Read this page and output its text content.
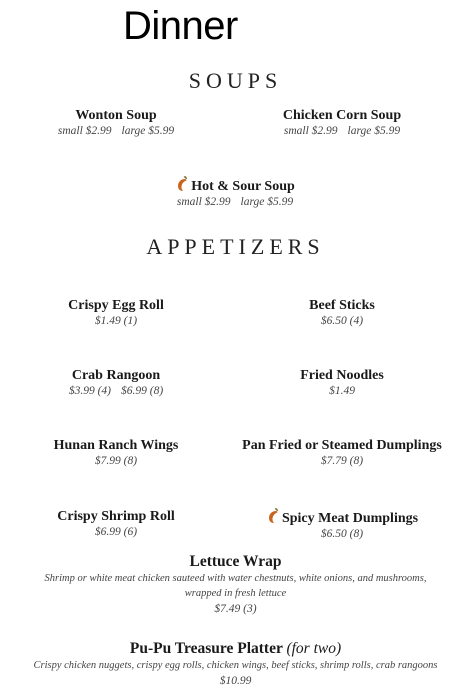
Dinner
SOUPS
Wonton Soup
small $2.99 large $5.99
Chicken Corn Soup
small $2.99 large $5.99
Hot & Sour Soup
small $2.99 large $5.99
APPETIZERS
Crispy Egg Roll
$1.49 (1)
Beef Sticks
$6.50 (4)
Crab Rangoon
$3.99 (4) $6.99 (8)
Fried Noodles
$1.49
Hunan Ranch Wings
$7.99 (8)
Pan Fried or Steamed Dumplings
$7.79 (8)
Crispy Shrimp Roll
$6.99 (6)
Spicy Meat Dumplings
$6.50 (8)
Lettuce Wrap
Shrimp or white meat chicken sauteed with water chestnuts, white onions, and mushrooms,
wrapped in fresh lettuce
$7.49 (3)
Pu-Pu Treasure Platter (for two)
Crispy chicken nuggets, crispy egg rolls, chicken wings, beef sticks, shrimp rolls, crab rangoons
$10.99
